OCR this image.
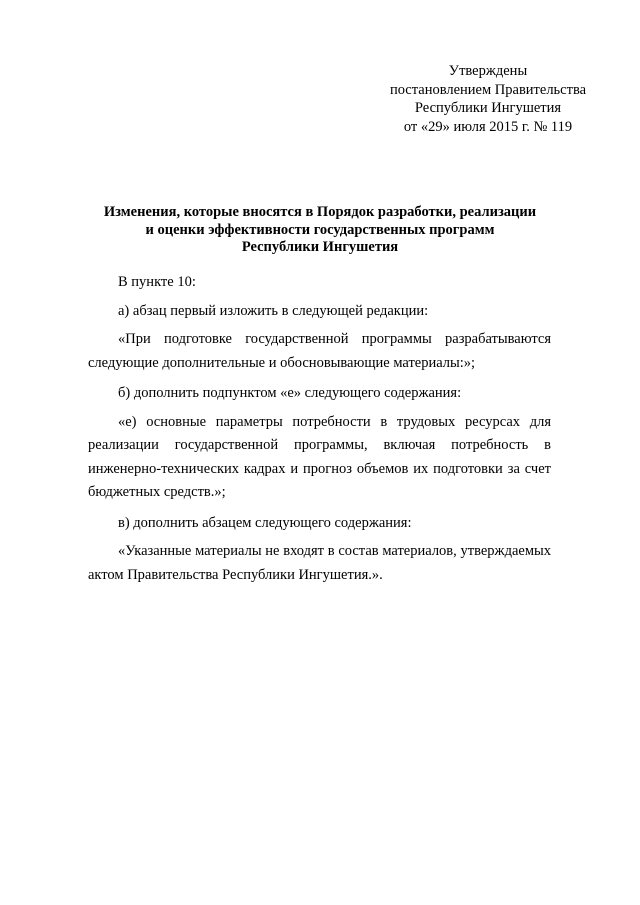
Утверждены
постановлением Правительства
Республики Ингушетия
от «29» июля 2015 г. № 119
Изменения, которые вносятся в Порядок разработки, реализации
и оценки эффективности государственных программ
Республики Ингушетия

В пункте 10:

а) абзац первый изложить в следующей редакции:

«При подготовке государственной программы разрабатываются следующие дополнительные и обосновывающие материалы:»;

б) дополнить подпунктом «е» следующего содержания:

«е) основные параметры потребности в трудовых ресурсах для реализации государственной программы, включая потребность в инженерно-технических кадрах и прогноз объемов их подготовки за счет бюджетных средств.»;

в) дополнить абзацем следующего содержания:

«Указанные материалы не входят в состав материалов, утверждаемых актом Правительства Республики Ингушетия.».
